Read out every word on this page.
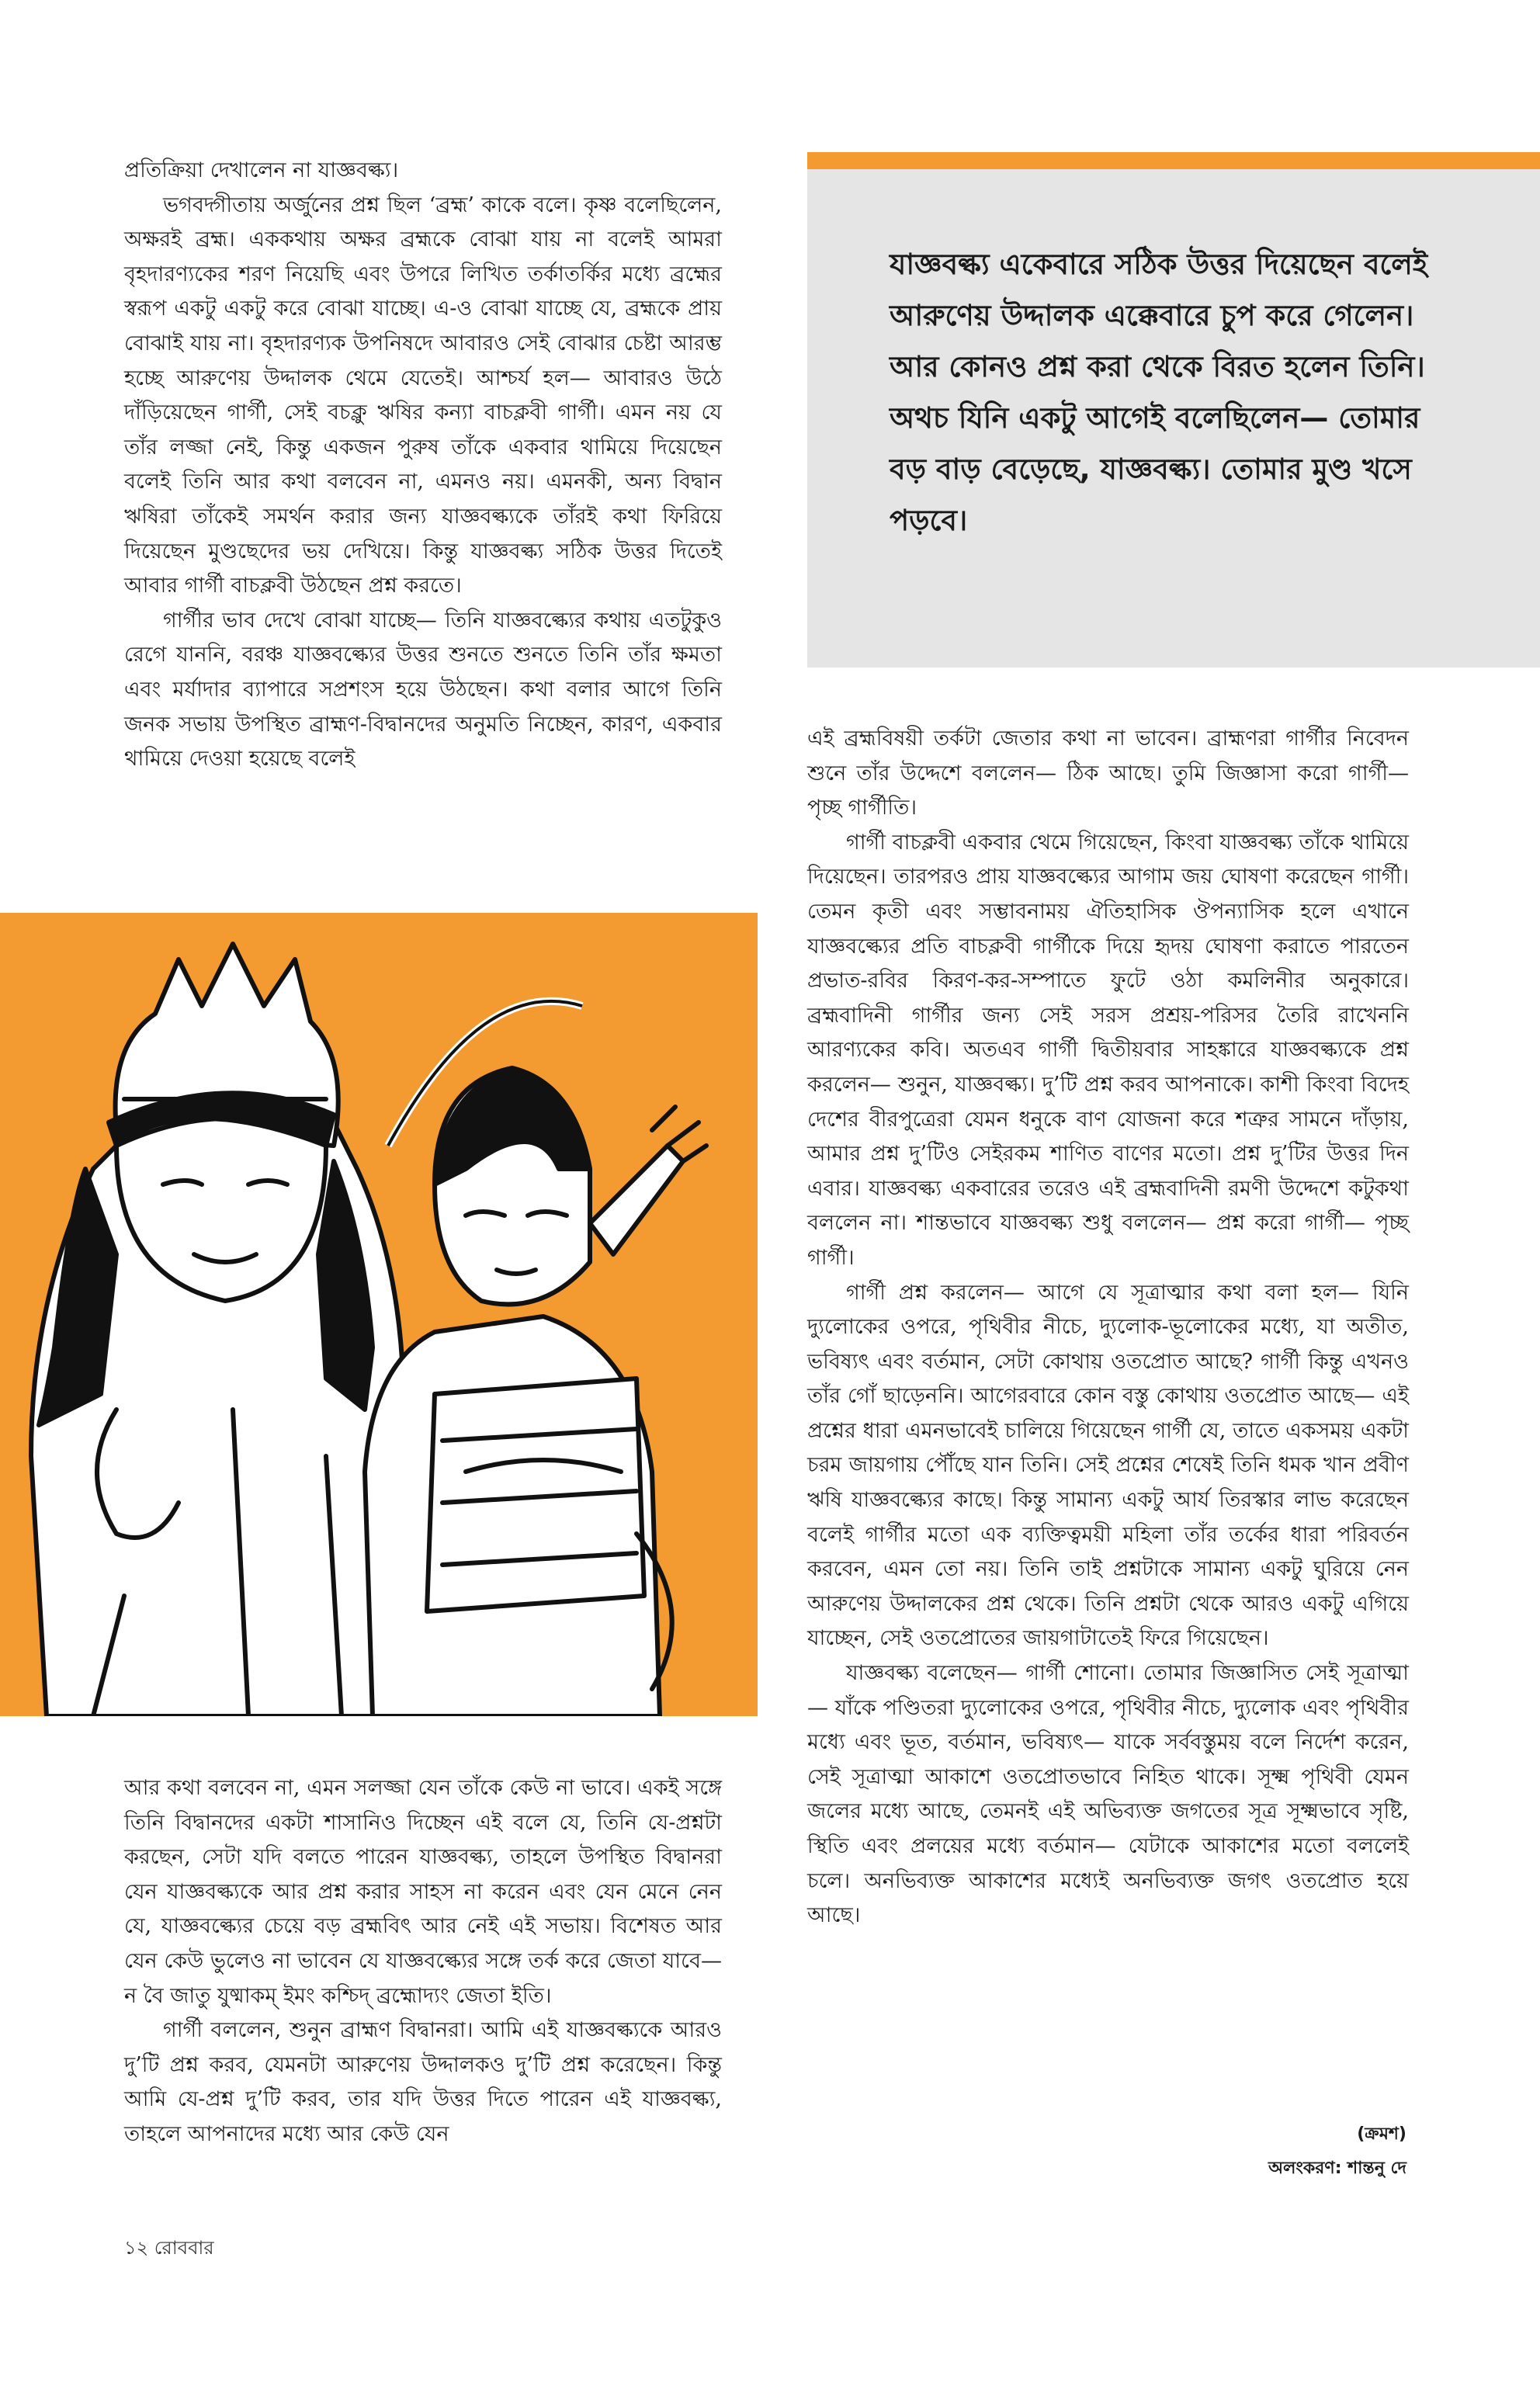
প্রতিক্রিয়া দেখালেন না যাজ্ঞবল্ক্য।

ভগবদ্গীতায় অর্জুনের প্রশ্ন ছিল ‘ব্রহ্ম’ কাকে বলে। কৃষ্ণ বলেছিলেন, অক্ষরই ব্রহ্ম। এককথায় অক্ষর ব্রহ্মকে বোঝা যায় না বলেই আমরা বৃহদারণ্যকের শরণ নিয়েছি এবং উপরে লিখিত তর্কাতর্কির মধ্যে ব্রহ্মের স্বরূপ একটু একটু করে বোঝা যাচ্ছে। এ-ও বোঝা যাচ্ছে যে, ব্রহ্মকে প্রায় বোঝাই যায় না। বৃহদারণ্যক উপনিষদে আবারও সেই বোঝার চেষ্টা আরম্ভ হচ্ছে আরুণেয় উদ্দালক থেমে যেতেই। আশ্চর্য হল— আবারও উঠে দাঁড়িয়েছেন গার্গী, সেই বচক্লু ঋষির কন্যা বাচক্লবী গার্গী। এমন নয় যে তাঁর লজ্জা নেই, কিন্তু একজন পুরুষ তাঁকে একবার থামিয়ে দিয়েছেন বলেই তিনি আর কথা বলবেন না, এমনও নয়। এমনকী, অন্য বিদ্বান ঋষিরা তাঁকেই সমর্থন করার জন্য যাজ্ঞবল্ক্যকে তাঁরই কথা ফিরিয়ে দিয়েছেন মুণ্ডছেদের ভয় দেখিয়ে। কিন্তু যাজ্ঞবল্ক্য সঠিক উত্তর দিতেই আবার গার্গী বাচক্লবী উঠছেন প্রশ্ন করতে।

গার্গীর ভাব দেখে বোঝা যাচ্ছে— তিনি যাজ্ঞবল্ক্যের কথায় এতটুকুও রেগে যাননি, বরঞ্চ যাজ্ঞবল্ক্যের উত্তর শুনতে শুনতে তিনি তাঁর ক্ষমতা এবং মর্যাদার ব্যাপারে সপ্রশংস হয়ে উঠছেন। কথা বলার আগে তিনি জনক সভায় উপস্থিত ব্রাহ্মণ-বিদ্বানদের অনুমতি নিচ্ছেন, কারণ, একবার থামিয়ে দেওয়া হয়েছে বলেই

যাজ্ঞবল্ক্য একেবারে সঠিক উত্তর দিয়েছেন বলেই আরুণেয় উদ্দালক এক্কেবারে চুপ করে গেলেন। আর কোনও প্রশ্ন করা থেকে বিরত হলেন তিনি। অথচ যিনি একটু আগেই বলেছিলেন— তোমার বড় বাড় বেড়েছে, যাজ্ঞবল্ক্য। তোমার মুণ্ড খসে পড়বে।

আর কথা বলবেন না, এমন সলজ্জা যেন তাঁকে কেউ না ভাবে। একই সঙ্গে তিনি বিদ্বানদের একটা শাসানিও দিচ্ছেন এই বলে যে, তিনি যে-প্রশ্নটা করছেন, সেটা যদি বলতে পারেন যাজ্ঞবল্ক্য, তাহলে উপস্থিত বিদ্বানরা যেন যাজ্ঞবল্ক্যকে আর প্রশ্ন করার সাহস না করেন এবং যেন মেনে নেন যে, যাজ্ঞবল্ক্যের চেয়ে বড় ব্রহ্মবিৎ আর নেই এই সভায়। বিশেষত আর যেন কেউ ভুলেও না ভাবেন যে যাজ্ঞবল্ক্যের সঙ্গে তর্ক করে জেতা যাবে— ন বৈ জাতু যুষ্মাকম্ ইমং কশ্চিদ্ ব্রহ্মোদ্যং জেতা ইতি।

গার্গী বললেন, শুনুন ব্রাহ্মণ বিদ্বানরা। আমি এই যাজ্ঞবল্ক্যকে আরও দু’টি প্রশ্ন করব, যেমনটা আরুণেয় উদ্দালকও দু’টি প্রশ্ন করেছেন। কিন্তু আমি যে-প্রশ্ন দু’টি করব, তার যদি উত্তর দিতে পারেন এই যাজ্ঞবল্ক্য, তাহলে আপনাদের মধ্যে আর কেউ যেন

এই ব্রহ্মবিষয়ী তর্কটা জেতার কথা না ভাবেন। ব্রাহ্মণরা গার্গীর নিবেদন শুনে তাঁর উদ্দেশে বললেন— ঠিক আছে। তুমি জিজ্ঞাসা করো গার্গী— পৃচ্ছ গার্গীতি।

গার্গী বাচক্লবী একবার থেমে গিয়েছেন, কিংবা যাজ্ঞবল্ক্য তাঁকে থামিয়ে দিয়েছেন। তারপরও প্রায় যাজ্ঞবল্ক্যের আগাম জয় ঘোষণা করেছেন গার্গী। তেমন কৃতী এবং সম্ভাবনাময় ঐতিহাসিক ঔপন্যাসিক হলে এখানে যাজ্ঞবল্ক্যের প্রতি বাচক্লবী গার্গীকে দিয়ে হৃদয় ঘোষণা করাতে পারতেন প্রভাত-রবির কিরণ-কর-সম্পাতে ফুটে ওঠা কমলিনীর অনুকারে। ব্রহ্মবাদিনী গার্গীর জন্য সেই সরস প্রশ্রয়-পরিসর তৈরি রাখেননি আরণ্যকের কবি। অতএব গার্গী দ্বিতীয়বার সাহঙ্কারে যাজ্ঞবল্ক্যকে প্রশ্ন করলেন— শুনুন, যাজ্ঞবল্ক্য। দু’টি প্রশ্ন করব আপনাকে। কাশী কিংবা বিদেহ দেশের বীরপুত্রেরা যেমন ধনুকে বাণ যোজনা করে শত্রুর সামনে দাঁড়ায়, আমার প্রশ্ন দু’টিও সেইরকম শাণিত বাণের মতো। প্রশ্ন দু’টির উত্তর দিন এবার। যাজ্ঞবল্ক্য একবারের তরেও এই ব্রহ্মবাদিনী রমণী উদ্দেশে কটুকথা বললেন না। শান্তভাবে যাজ্ঞবল্ক্য শুধু বললেন— প্রশ্ন করো গার্গী— পৃচ্ছ গার্গী।

গার্গী প্রশ্ন করলেন— আগে যে সূত্রাত্মার কথা বলা হল— যিনি দ্যুলোকের ওপরে, পৃথিবীর নীচে, দ্যুলোক-ভূলোকের মধ্যে, যা অতীত, ভবিষ্যৎ এবং বর্তমান, সেটা কোথায় ওতপ্রোত আছে? গার্গী কিন্তু এখনও তাঁর গোঁ ছাড়েননি। আগেরবারে কোন বস্তু কোথায় ওতপ্রোত আছে— এই প্রশ্নের ধারা এমনভাবেই চালিয়ে গিয়েছেন গার্গী যে, তাতে একসময় একটা চরম জায়গায় পৌঁছে যান তিনি। সেই প্রশ্নের শেষেই তিনি ধমক খান প্রবীণ ঋষি যাজ্ঞবল্ক্যের কাছে। কিন্তু সামান্য একটু আর্য তিরস্কার লাভ করেছেন বলেই গার্গীর মতো এক ব্যক্তিত্বময়ী মহিলা তাঁর তর্কের ধারা পরিবর্তন করবেন, এমন তো নয়। তিনি তাই প্রশ্নটাকে সামান্য একটু ঘুরিয়ে নেন আরুণেয় উদ্দালকের প্রশ্ন থেকে। তিনি প্রশ্নটা থেকে আরও একটু এগিয়ে যাচ্ছেন, সেই ওতপ্রোতের জায়গাটাতেই ফিরে গিয়েছেন।

যাজ্ঞবল্ক্য বলেছেন— গার্গী শোনো। তোমার জিজ্ঞাসিত সেই সূত্রাত্মা— যাঁকে পণ্ডিতরা দ্যুলোকের ওপরে, পৃথিবীর নীচে, দ্যুলোক এবং পৃথিবীর মধ্যে এবং ভূত, বর্তমান, ভবিষ্যৎ— যাকে সর্ববস্তুময় বলে নির্দেশ করেন, সেই সূত্রাত্মা আকাশে ওতপ্রোতভাবে নিহিত থাকে। সূক্ষ্ম পৃথিবী যেমন জলের মধ্যে আছে, তেমনই এই অভিব্যক্ত জগতের সূত্র সূক্ষ্মভাবে সৃষ্টি, স্থিতি এবং প্রলয়ের মধ্যে বর্তমান— যেটাকে আকাশের মতো বললেই চলে। অনভিব্যক্ত আকাশের মধ্যেই অনভিব্যক্ত জগৎ ওতপ্রোত হয়ে আছে।

(ক্রমশ)
অলংকরণ: শান্তনু দে
১২ রোববার
